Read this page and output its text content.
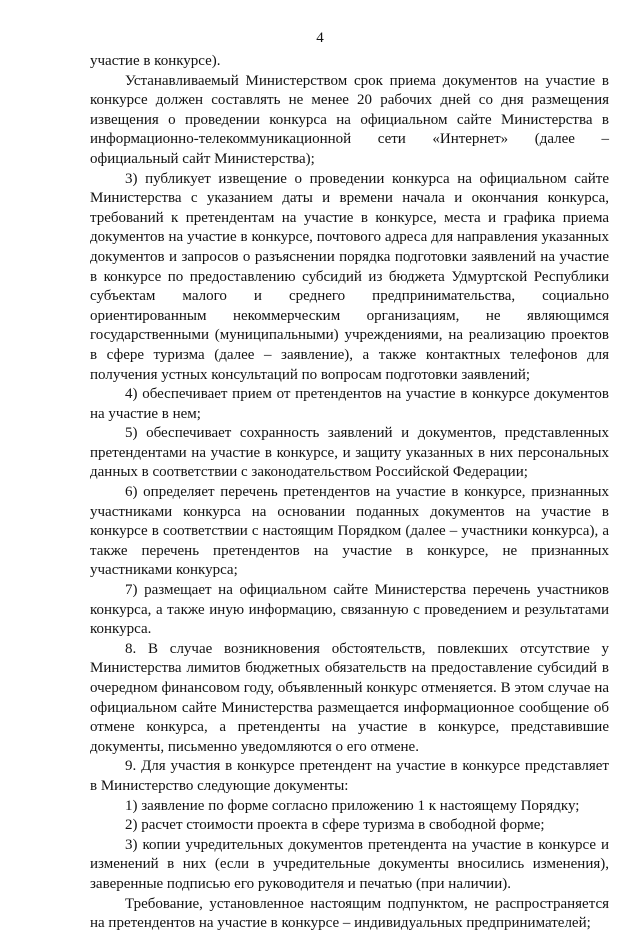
4

участие в конкурсе).

Устанавливаемый Министерством срок приема документов на участие в конкурсе должен составлять не менее 20 рабочих дней со дня размещения извещения о проведении конкурса на официальном сайте Министерства в информационно-телекоммуникационной сети «Интернет» (далее – официальный сайт Министерства);

3) публикует извещение о проведении конкурса на официальном сайте Министерства с указанием даты и времени начала и окончания конкурса, требований к претендентам на участие в конкурсе, места и графика приема документов на участие в конкурсе, почтового адреса для направления указанных документов и запросов о разъяснении порядка подготовки заявлений на участие в конкурсе по предоставлению субсидий из бюджета Удмуртской Республики субъектам малого и среднего предпринимательства, социально ориентированным некоммерческим организациям, не являющимся государственными (муниципальными) учреждениями, на реализацию проектов в сфере туризма (далее – заявление), а также контактных телефонов для получения устных консультаций по вопросам подготовки заявлений;

4) обеспечивает прием от претендентов на участие в конкурсе документов на участие в нем;

5) обеспечивает сохранность заявлений и документов, представленных претендентами на участие в конкурсе, и защиту указанных в них персональных данных в соответствии с законодательством Российской Федерации;

6) определяет перечень претендентов на участие в конкурсе, признанных участниками конкурса на основании поданных документов на участие в конкурсе в соответствии с настоящим Порядком (далее – участники конкурса), а также перечень претендентов на участие в конкурсе, не признанных участниками конкурса;

7) размещает на официальном сайте Министерства перечень участников конкурса, а также иную информацию, связанную с проведением и результатами конкурса.

8. В случае возникновения обстоятельств, повлекших отсутствие у Министерства лимитов бюджетных обязательств на предоставление субсидий в очередном финансовом году, объявленный конкурс отменяется. В этом случае на официальном сайте Министерства размещается информационное сообщение об отмене конкурса, а претенденты на участие в конкурсе, представившие документы, письменно уведомляются о его отмене.

9. Для участия в конкурсе претендент на участие в конкурсе представляет в Министерство следующие документы:

1) заявление по форме согласно приложению 1 к настоящему Порядку;

2) расчет стоимости проекта в сфере туризма в свободной форме;

3) копии учредительных документов претендента на участие в конкурсе и изменений в них (если в учредительные документы вносились изменения), заверенные подписью его руководителя и печатью (при наличии).

Требование, установленное настоящим подпунктом, не распространяется на претендентов на участие в конкурсе – индивидуальных предпринимателей;
